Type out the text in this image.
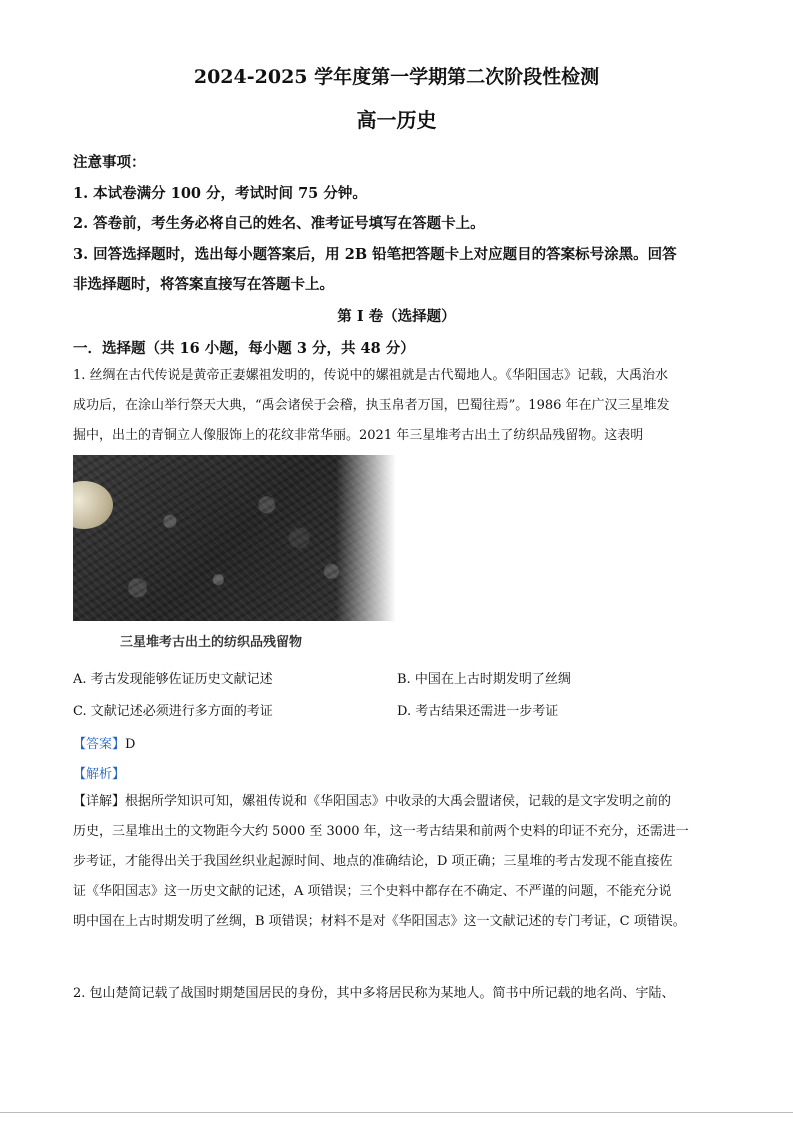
2024-2025 学年度第一学期第二次阶段性检测
高一历史
注意事项：
1. 本试卷满分 100 分，考试时间 75 分钟。
2. 答卷前，考生务必将自己的姓名、准考证号填写在答题卡上。
3. 回答选择题时，选出每小题答案后，用 2B 铅笔把答题卡上对应题目的答案标号涂黑。回答
非选择题时，将答案直接写在答题卡上。
第 I 卷（选择题）
一．选择题（共 16 小题，每小题 3 分，共 48 分）
1. 丝绸在古代传说是黄帝正妻嫘祖发明的，传说中的嫘祖就是古代蜀地人。《华阳国志》记载，大禹治水
成功后，在涂山举行祭天大典，“禹会诸侯于会稽，执玉帛者万国，巴蜀往焉”。1986 年在广汉三星堆发
掘中，出土的青铜立人像服饰上的花纹非常华丽。2021 年三星堆考古出土了纺织品残留物。这表明
三星堆考古出土的纺织品残留物
A. 考古发现能够佐证历史文献记述	B. 中国在上古时期发明了丝绸
C. 文献记述必须进行多方面的考证	D. 考古结果还需进一步考证
【答案】D
【解析】
【详解】根据所学知识可知，嫘祖传说和《华阳国志》中收录的大禹会盟诸侯，记载的是文字发明之前的
历史，三星堆出土的文物距今大约 5000 至 3000 年，这一考古结果和前两个史料的印证不充分，还需进一
步考证，才能得出关于我国丝织业起源时间、地点的准确结论，D 项正确；三星堆的考古发现不能直接佐
证《华阳国志》这一历史文献的记述，A 项错误；三个史料中都存在不确定、不严谨的问题，不能充分说
明中国在上古时期发明了丝绸，B 项错误；材料不是对《华阳国志》这一文献记述的专门考证，C 项错误。
2. 包山楚简记载了战国时期楚国居民的身份，其中多将居民称为某地人。简书中所记载的地名尚、宇陆、
